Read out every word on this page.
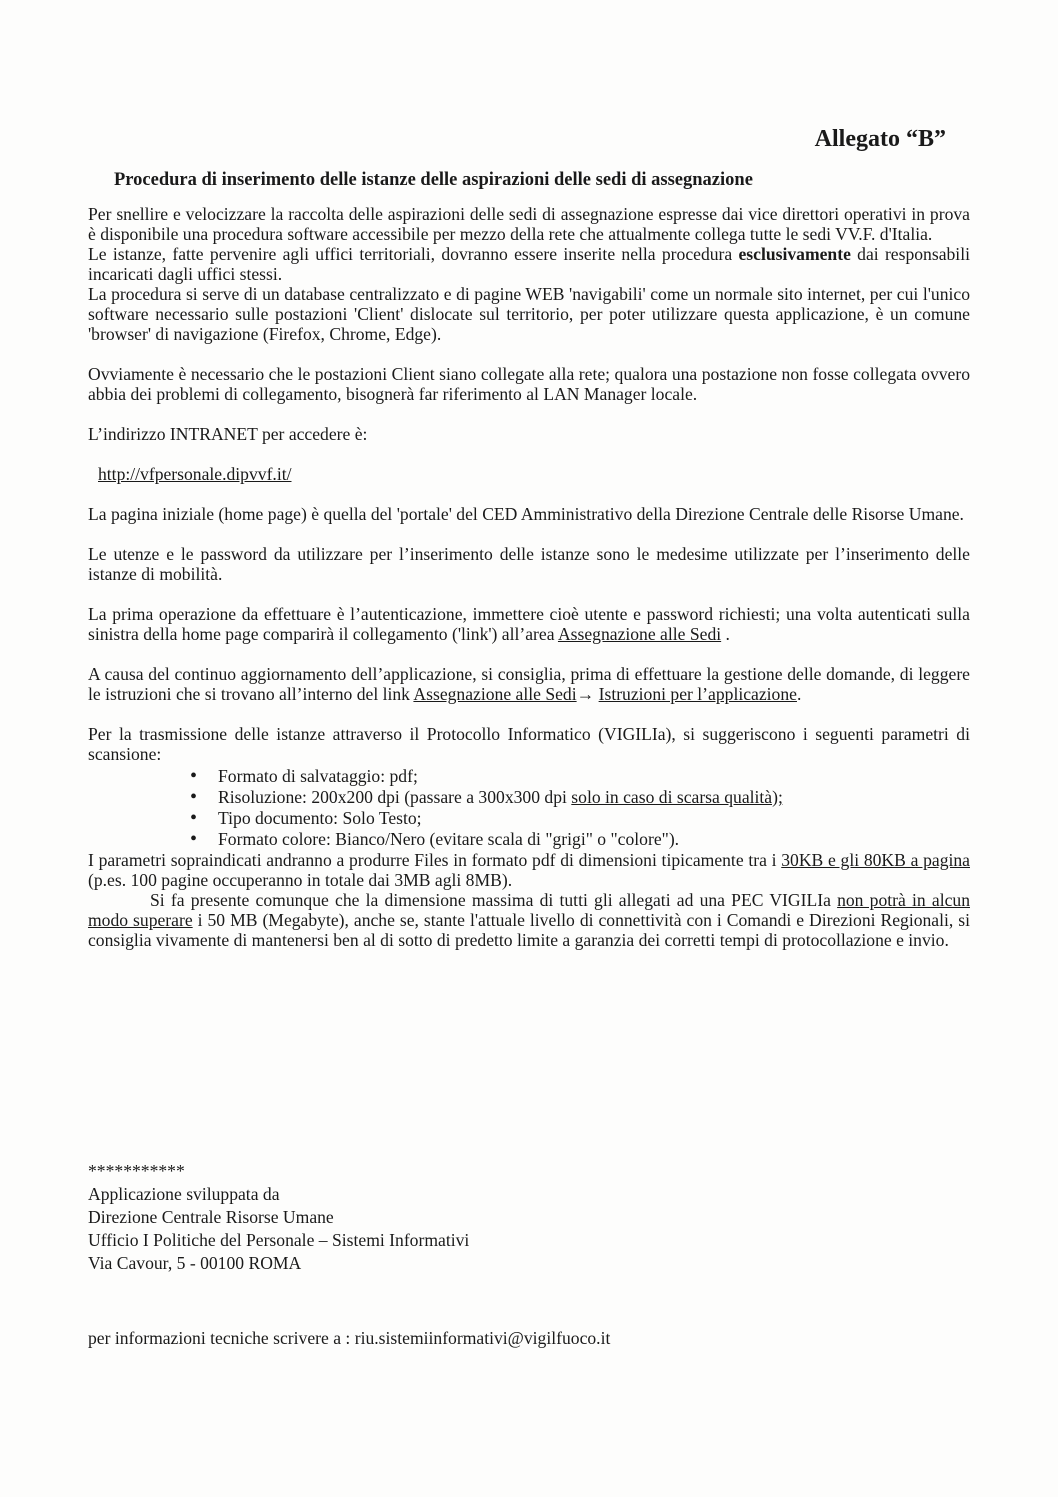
Allegato “B”
Procedura di inserimento delle istanze delle aspirazioni delle sedi di assegnazione

Per snellire e velocizzare la raccolta delle aspirazioni delle sedi di assegnazione espresse dai vice direttori operativi in prova è disponibile una procedura software accessibile per mezzo della rete che attualmente collega tutte le sedi VV.F. d'Italia.

Le istanze, fatte pervenire agli uffici territoriali, dovranno essere inserite nella procedura esclusivamente dai responsabili incaricati dagli uffici stessi.

La procedura si serve di un database centralizzato e di pagine WEB 'navigabili' come un normale sito internet, per cui l'unico software necessario sulle postazioni 'Client' dislocate sul territorio, per poter utilizzare questa applicazione, è un comune 'browser' di navigazione (Firefox, Chrome, Edge).

Ovviamente è necessario che le postazioni Client siano collegate alla rete; qualora una postazione non fosse collegata ovvero abbia dei problemi di collegamento, bisognerà far riferimento al LAN Manager locale.

L’indirizzo INTRANET per accedere è:

http://vfpersonale.dipvvf.it/

La pagina iniziale (home page) è quella del 'portale' del CED Amministrativo della Direzione Centrale delle Risorse Umane.

Le utenze e le password da utilizzare per l’inserimento delle istanze sono le medesime utilizzate per l’inserimento delle istanze di mobilità.

La prima operazione da effettuare è l’autenticazione, immettere cioè utente e password richiesti; una volta autenticati sulla sinistra della home page comparirà il collegamento ('link') all’area Assegnazione alle Sedi .

A causa del continuo aggiornamento dell’applicazione, si consiglia, prima di effettuare la gestione delle domande, di leggere le istruzioni che si trovano all’interno del link Assegnazione alle Sedi→ Istruzioni per l’applicazione.

Per la trasmissione delle istanze attraverso il Protocollo Informatico (VIGILIa), si suggeriscono i seguenti parametri di scansione:

• Formato di salvataggio: pdf;
• Risoluzione: 200x200 dpi (passare a 300x300 dpi solo in caso di scarsa qualità);
• Tipo documento: Solo Testo;
• Formato colore: Bianco/Nero (evitare scala di "grigi" o "colore").

I parametri sopraindicati andranno a produrre Files in formato pdf di dimensioni tipicamente tra i 30KB e gli 80KB a pagina (p.es. 100 pagine occuperanno in totale dai 3MB agli 8MB).

Si fa presente comunque che la dimensione massima di tutti gli allegati ad una PEC VIGILIa non potrà in alcun modo superare i 50 MB (Megabyte), anche se, stante l'attuale livello di connettività con i Comandi e Direzioni Regionali, si consiglia vivamente di mantenersi ben al di sotto di predetto limite a garanzia dei corretti tempi di protocollazione e invio.

***********
Applicazione sviluppata da
Direzione Centrale Risorse Umane
Ufficio I Politiche del Personale – Sistemi Informativi
Via Cavour, 5 - 00100 ROMA
per informazioni tecniche scrivere a : riu.sistemiinformativi@vigilfuoco.it
